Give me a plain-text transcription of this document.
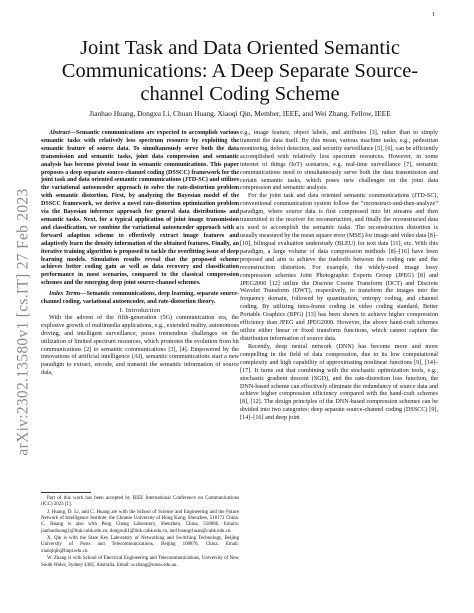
1
arXiv:2302.13580v1 [cs.IT] 27 Feb 2023
Joint Task and Data Oriented Semantic Communications: A Deep Separate Source-channel Coding Scheme
Jianhao Huang, Dongxu Li, Chuan Huang, Xiaoqi Qin, Member, IEEE, and Wei Zhang, Fellow, IEEE

Abstract—Semantic communications are expected to accomplish various semantic tasks with relatively less spectrum resource by exploiting the semantic feature of source data. To simultaneously serve both the data transmission and semantic tasks, joint data compression and semantic analysis has become pivotal issue in semantic communications. This paper proposes a deep separate source-channel coding (DSSCC) framework for the joint task and data oriented semantic communications (JTD-SC) and utilizes the variational autoencoder approach to solve the rate-distortion problem with semantic distortion. First, by analyzing the Bayesian model of the DSSCC framework, we derive a novel rate-distortion optimization problem via the Bayesian inference approach for general data distributions and semantic tasks. Next, for a typical application of joint image transmission and classification, we combine the variational autoencoder approach with a forward adaption scheme to effectively extract image features and adaptively learn the density information of the obtained features. Finally, an iterative training algorithm is proposed to tackle the overfitting issue of deep learning models. Simulation results reveal that the proposed scheme achieves better coding gain as well as data recovery and classification performance in most scenarios, compared to the classical compression schemes and the emerging deep joint source-channel schemes.

Index Terms—Semantic communications, deep learning, separate source-channel coding, variational autoencoder, and rate-distortion theory.

I. Introduction

With the advent of the fifth-generation (5G) communication era, the explosive growth of multimedia applications, e.g., extended reality, autonomous driving, and intelligent surveillance, poses tremendous challenges on the utilization of limited spectrum resources, which promotes the evolution from bit communications [2] to semantic communications [3], [4]. Empowered by the innovations of artificial intelligence (AI), semantic communications start a new paradigm to extract, encode, and transmit the semantic information of source data,

Part of this work has been accepted by IEEE International Conference on Communications (ICC) 2023 [1].

J. Huang, D. Li, and C. Huang are with the School of Science and Engineering and the Future Network of Intelligence Institute, the Chinese University of Hong Kong, Shenzhen, 518172 China. C. Huang is also with Peng Cheng Laboratory, Shenzhen, China, 518066. Emails: jianhaohuang1@link.cuhk.edu.cn, dongxuli1@link.cuhk.edu.cn, and huangchuan@cuhk.edu.cn.

X. Qin is with the State Key Laboratory of Networking and Switching Technology, Beijing University of Posts and Telecommunications, Beijing 100876, China. Email: xiaoqiqin@bupt.edu.cn.

W. Zhang is with School of Electrical Engineering and Telecommunications, University of New South Wales, Sydney 4385, Australia. Email: w.zhang@unsw.edu.au.

e.g., image feature, object labels, and attributes [3], rather than to simply transmit the data itself. By this mean, various machine tasks, e.g., pedestrian monitoring, defect detection, and security surveillance [5], [6], can be efficiently accomplished with relatively less spectrum resources. However, in some internet of things (IoT) scenarios, e.g. real-time surveillance [7], semantic communications need to simultaneously serve both the data transmission and certain semantic tasks, which poses new challenges on the joint data compression and semantic analysis.

For the joint task and data oriented semantic communications (JTD-SC), conventional communication system follow the “reconstruct-and-then-analyze” paradigm, where source data is first compressed into bit streams and then transmitted to the receiver for reconstruction, and finally the reconstructed data is used to accomplish the semantic tasks. The reconstruction distortion is usually measured by the mean square error (MSE) for image and video data [8]–[10], bilingual evaluation understudy (BLEU) for text data [11], etc. With this paradigm, a large volume of data compression methods [8]–[16] have been proposed and aim to achieve the tradeoffs between the coding rate and the reconstruction distortion. For example, the widely-used image lossy compression schemes Joint Photographic Experts Group (JPEG) [8] and JPEG2000 [12] utilize the Discrete Cosine Transform (DCT) and Discrete Wavelet Transform (DWT), respectively, to transform the images into the frequency domain, followed by quantization, entropy coding, and channel coding. By utilizing intra-frame coding in video coding standard, Better Portable Graphics (BPG) [13] has been shown to achieve higher compression efficiency than JPEG and JPEG2000. However, the above hand-craft schemes utilize either linear or fixed transform functions, which cannot capture the distribution information of source data.

Recently, deep neural network (DNN) has become more and more compelling in the field of data compression, due to its low computational complexity and high capability of approximating nonlinear functions [9], [14]–[17]. It turns out that combining with the stochastic optimization tools, e.g., stochastic gradient descent (SGD), and the rate-distortion loss function, the DNN-based scheme can effectively eliminate the redundancy of source data and achieve higher compression efficiency compared with the hand-craft schemes [8], [12]. The design principles of the DNN-based compression schemes can be divided into two categories: deep separate source-channel coding (DSSCC) [9], [14]–[16] and deep joint
